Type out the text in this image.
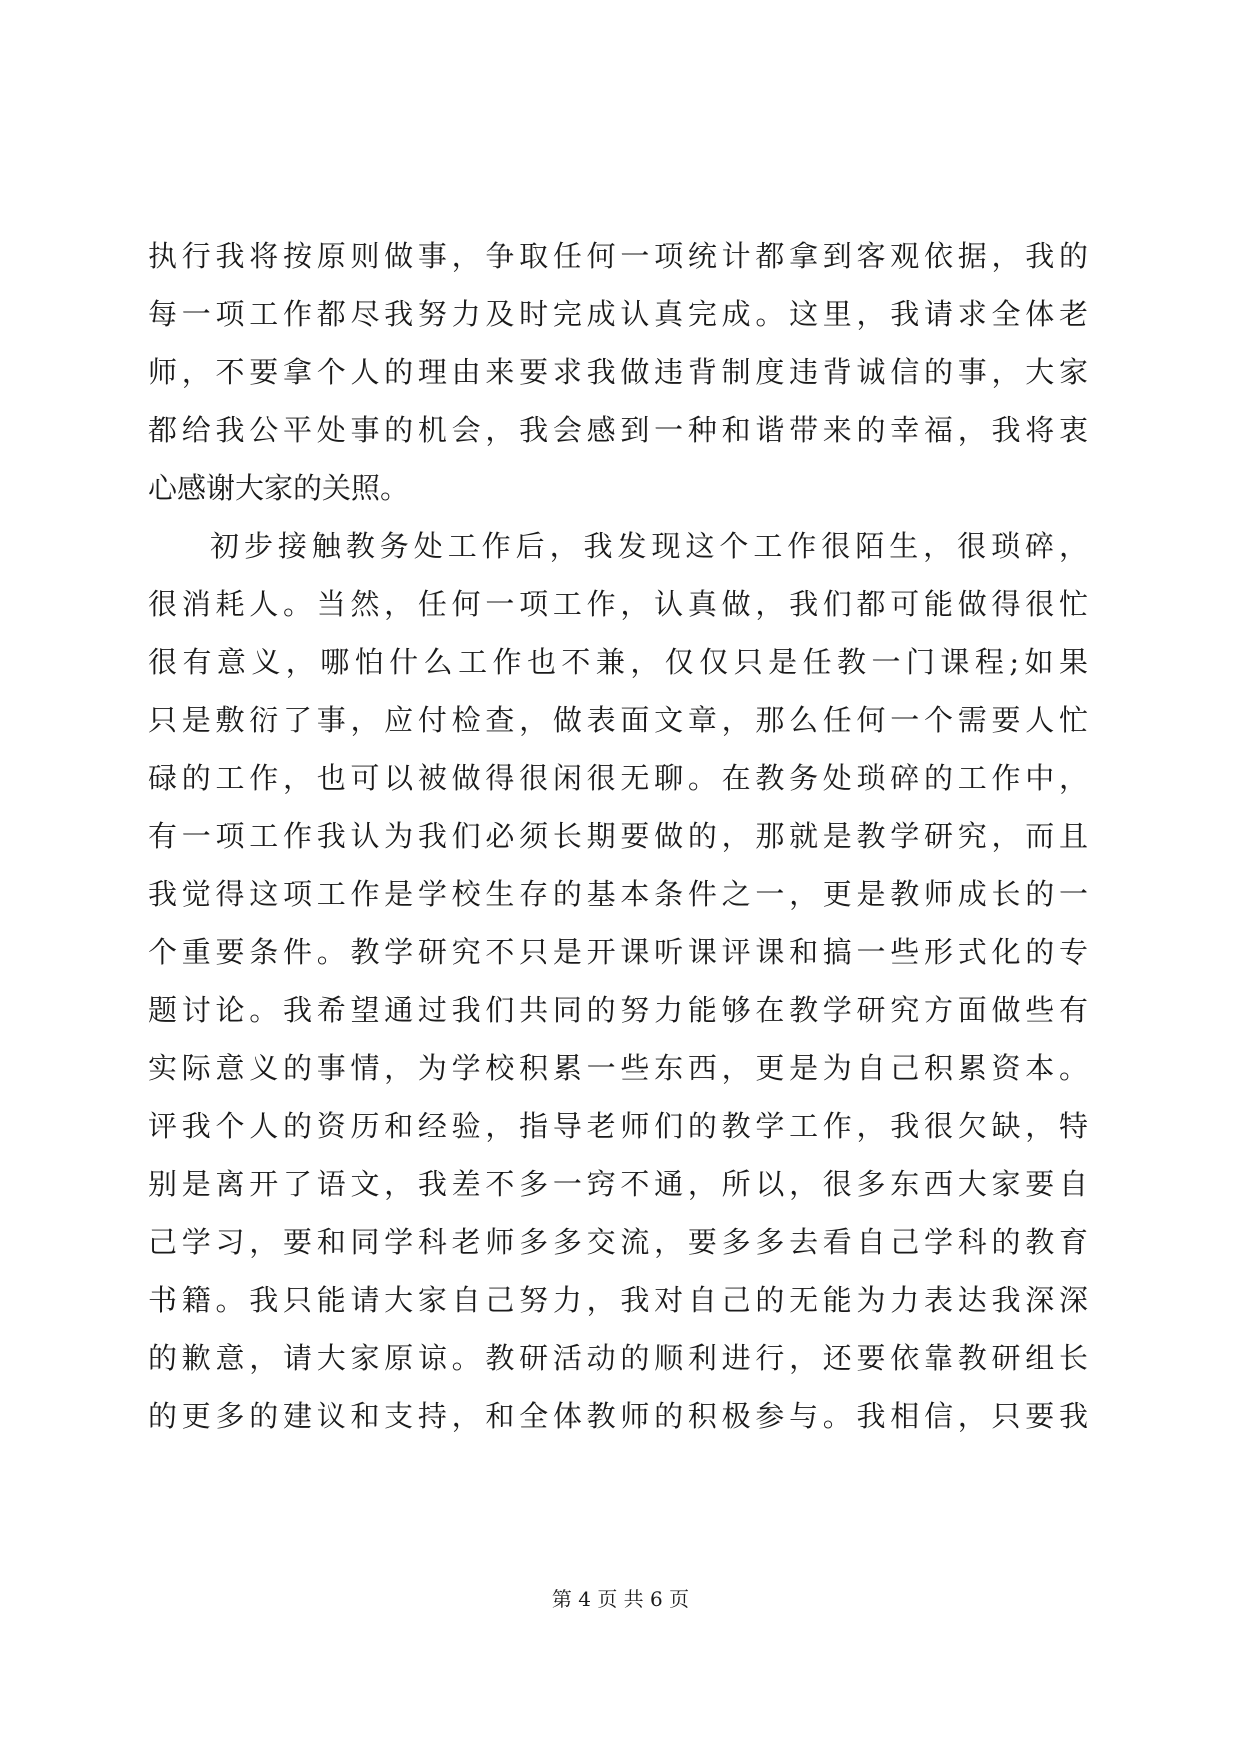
执行我将按原则做事，争取任何一项统计都拿到客观依据，我的
每一项工作都尽我努力及时完成认真完成。这里，我请求全体老
师，不要拿个人的理由来要求我做违背制度违背诚信的事，大家
都给我公平处事的机会，我会感到一种和谐带来的幸福，我将衷
心感谢大家的关照。
初步接触教务处工作后，我发现这个工作很陌生，很琐碎，
很消耗人。当然，任何一项工作，认真做，我们都可能做得很忙
很有意义，哪怕什么工作也不兼，仅仅只是任教一门课程;如果
只是敷衍了事，应付检查，做表面文章，那么任何一个需要人忙
碌的工作，也可以被做得很闲很无聊。在教务处琐碎的工作中，
有一项工作我认为我们必须长期要做的，那就是教学研究，而且
我觉得这项工作是学校生存的基本条件之一，更是教师成长的一
个重要条件。教学研究不只是开课听课评课和搞一些形式化的专
题讨论。我希望通过我们共同的努力能够在教学研究方面做些有
实际意义的事情，为学校积累一些东西，更是为自己积累资本。
评我个人的资历和经验，指导老师们的教学工作，我很欠缺，特
别是离开了语文，我差不多一窍不通，所以，很多东西大家要自
己学习，要和同学科老师多多交流，要多多去看自己学科的教育
书籍。我只能请大家自己努力，我对自己的无能为力表达我深深
的歉意，请大家原谅。教研活动的顺利进行，还要依靠教研组长
的更多的建议和支持，和全体教师的积极参与。我相信，只要我
第 4 页 共 6 页
